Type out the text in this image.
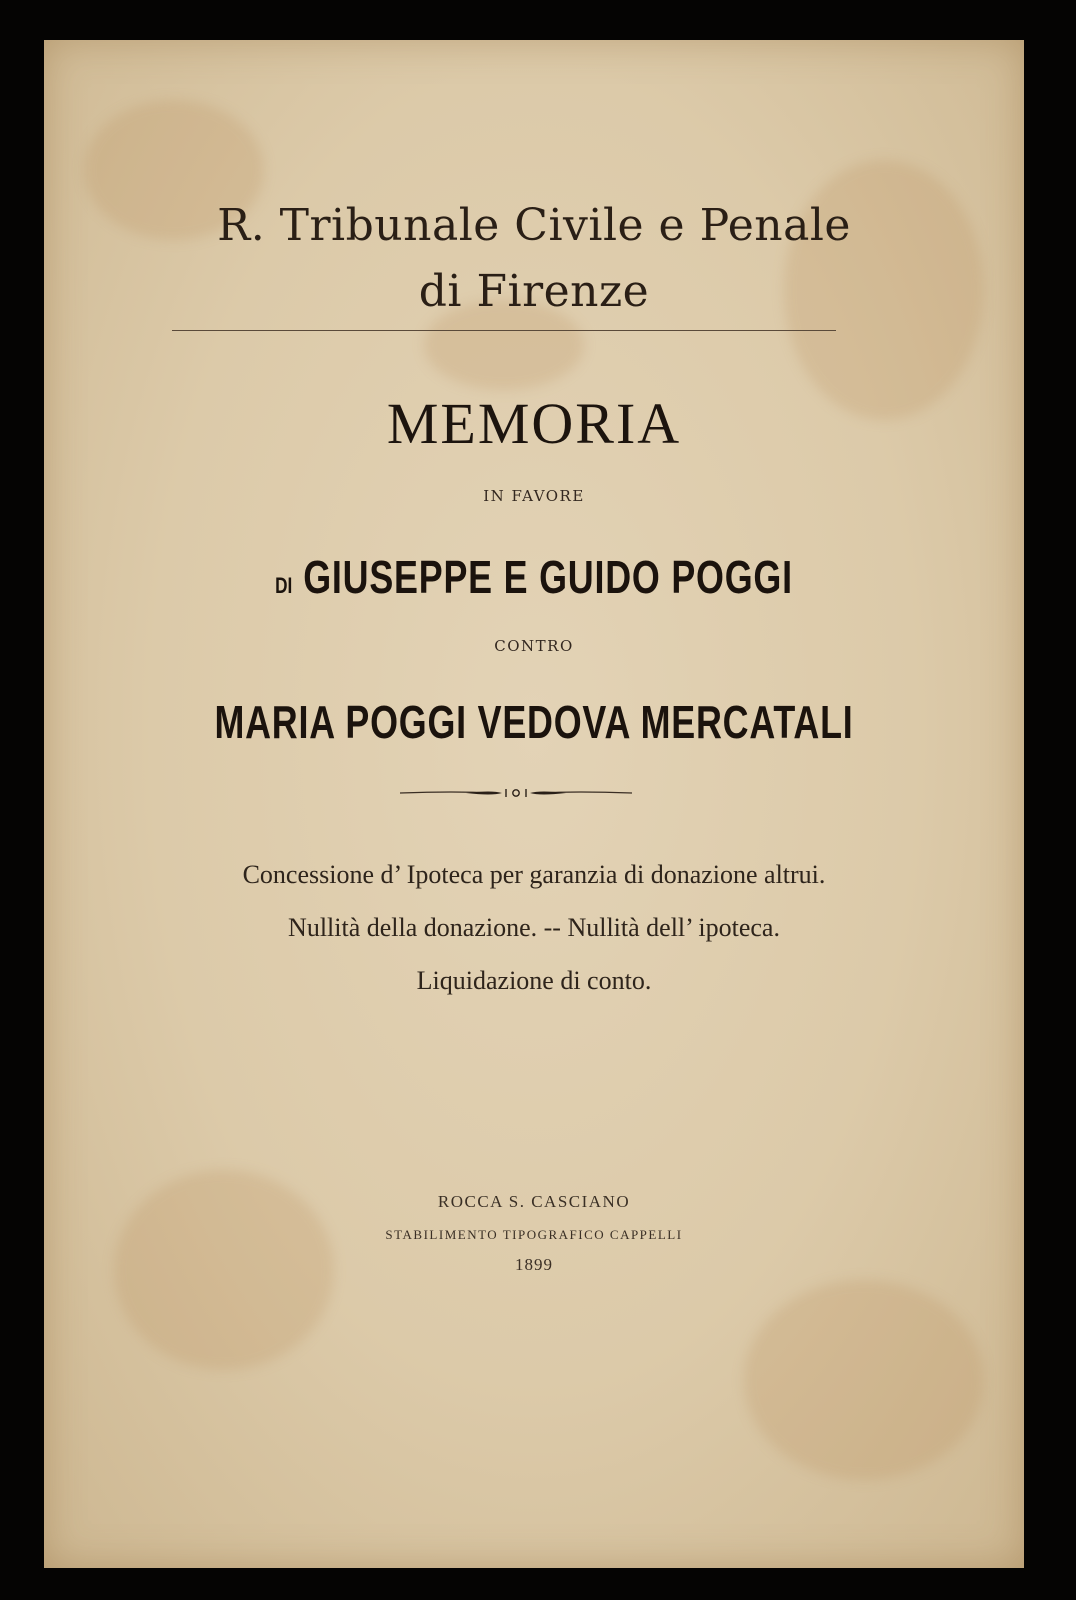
R. Tribunale Civile e Penale
di Firenze
MEMORIA
IN FAVORE
DI GIUSEPPE E GUIDO POGGI
CONTRO
MARIA POGGI VEDOVA MERCATALI
Concessione d’ Ipoteca per garanzia di donazione altrui.
Nullità della donazione. -- Nullità dell’ ipoteca.
Liquidazione di conto.
ROCCA S. CASCIANO
STABILIMENTO TIPOGRAFICO CAPPELLI
1899
